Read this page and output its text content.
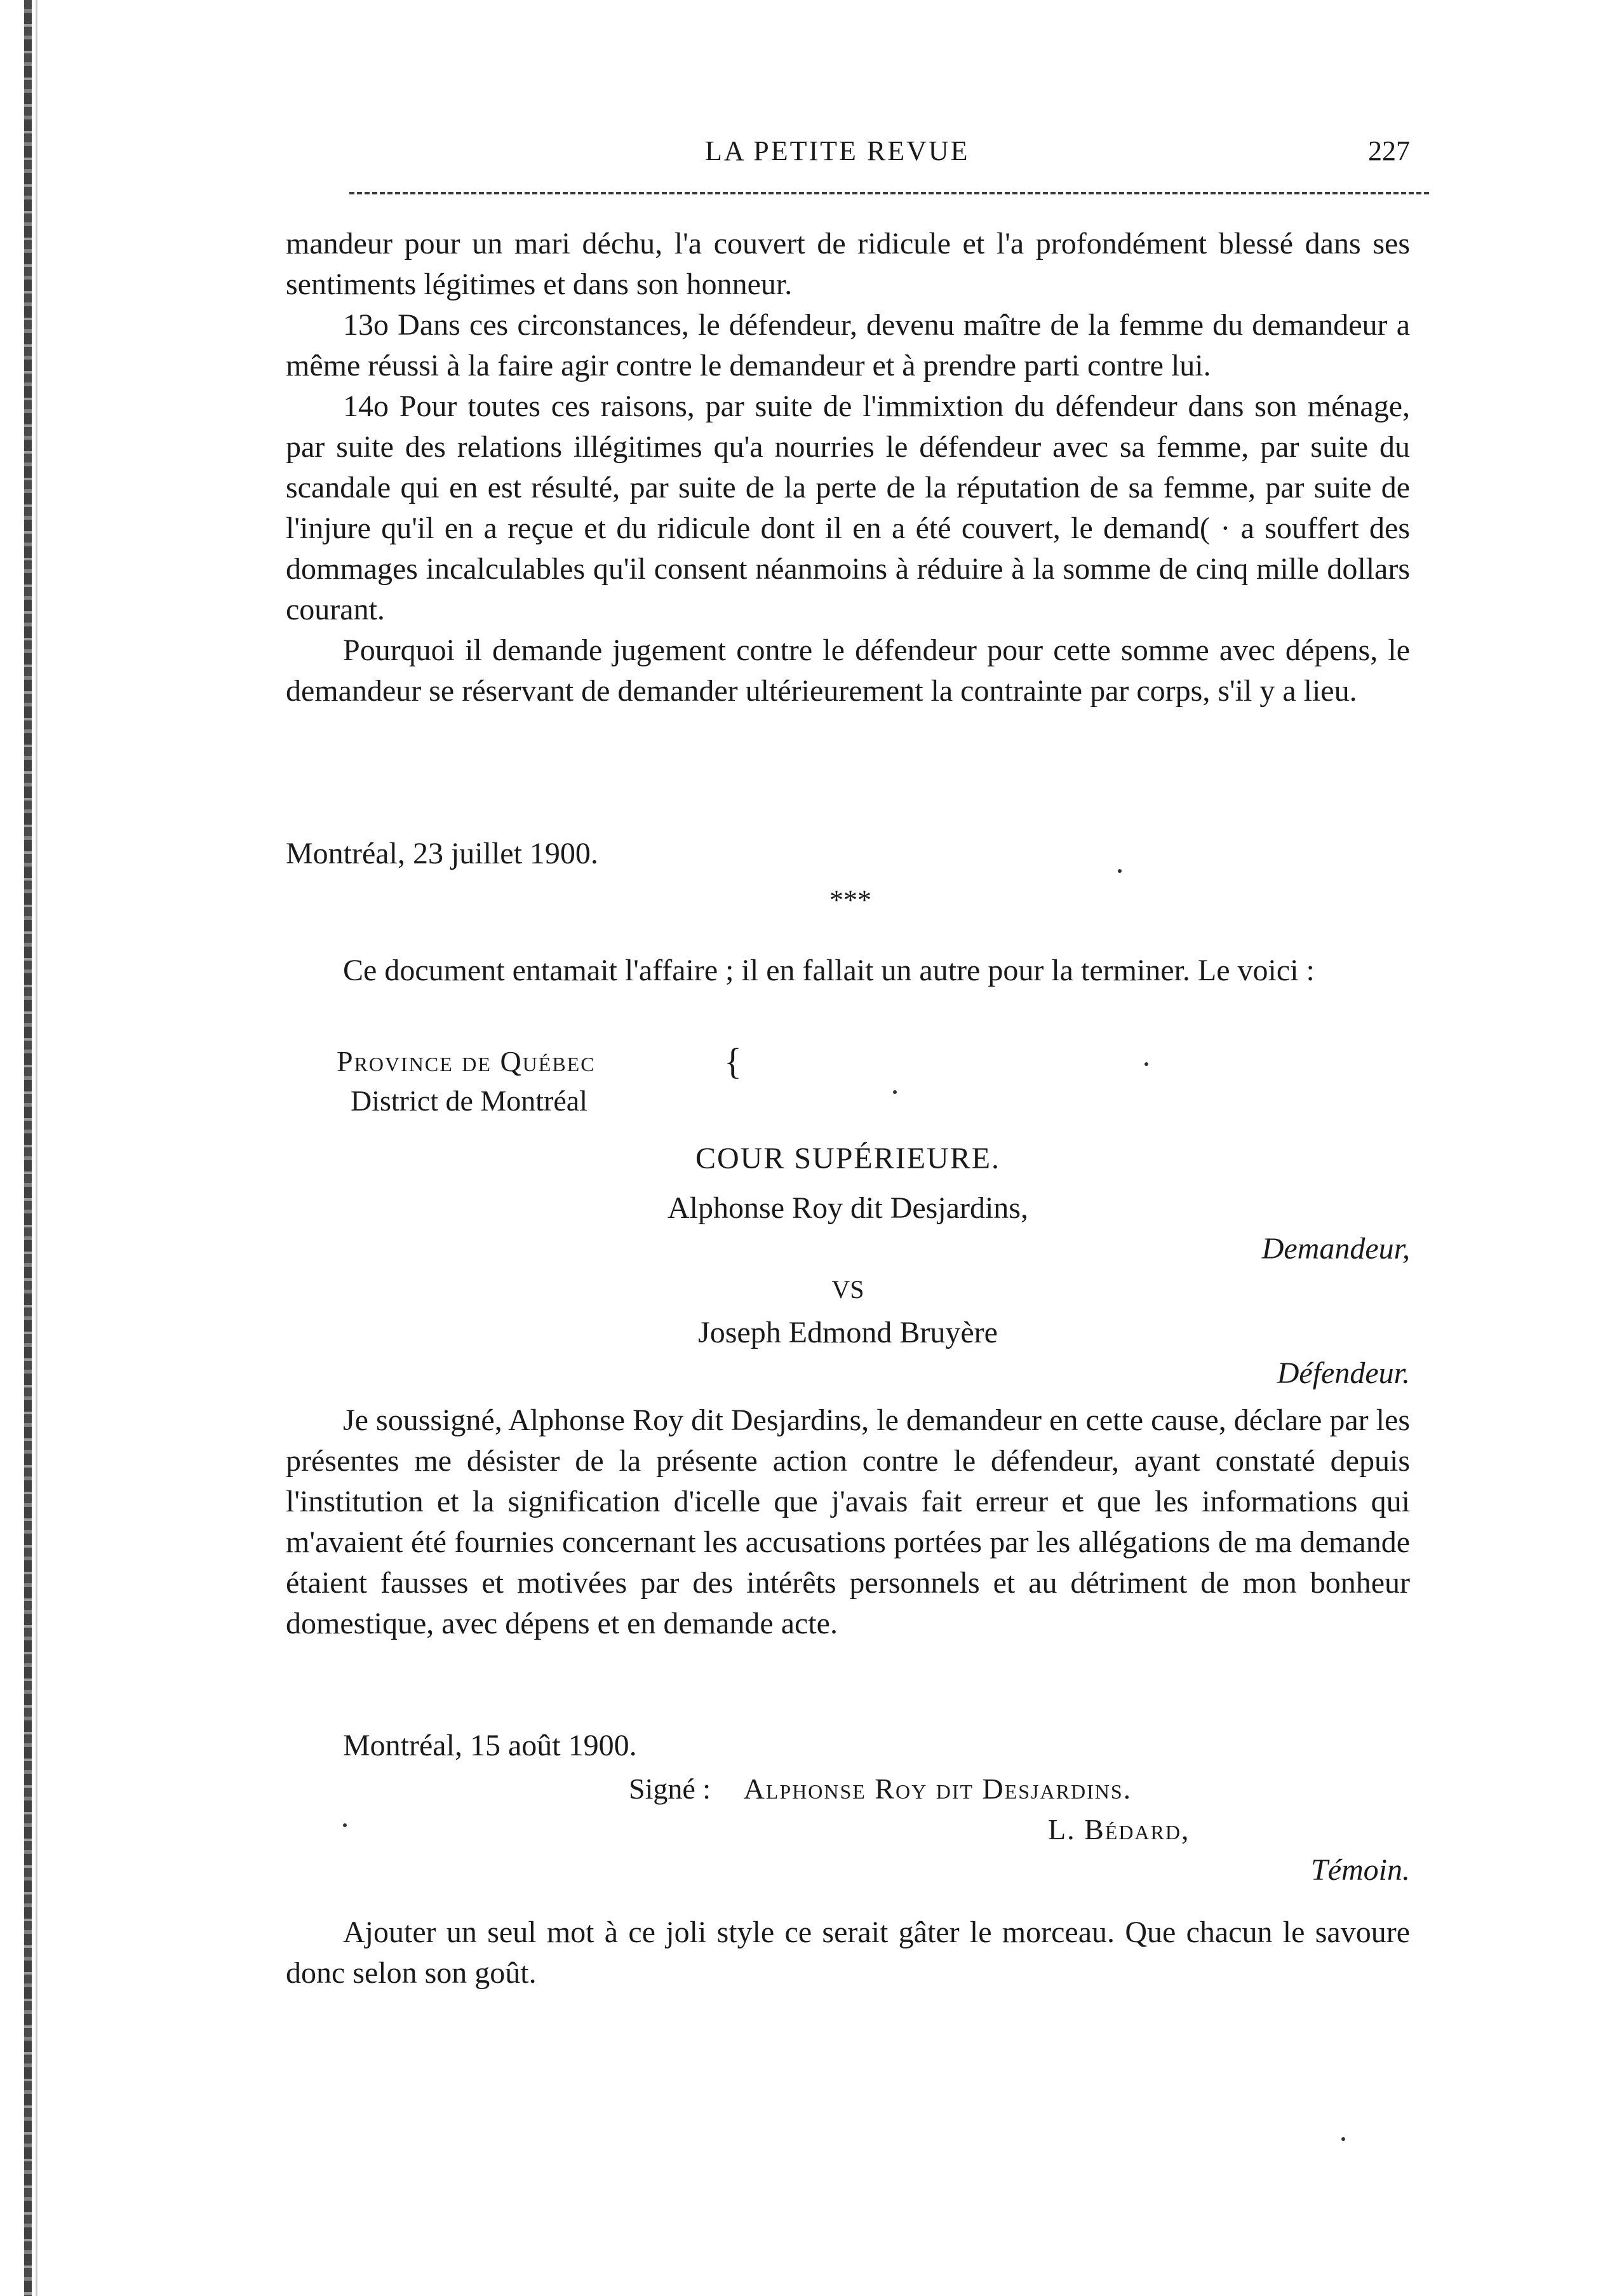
LA PETITE REVUE	227

mandeur pour un mari déchu, l'a couvert de ridicule et l'a profondément blessé dans ses sentiments légitimes et dans son honneur.

13o Dans ces circonstances, le défendeur, devenu maître de la femme du demandeur a même réussi à la faire agir contre le demandeur et à prendre parti contre lui.

14o Pour toutes ces raisons, par suite de l'immixtion du défendeur dans son ménage, par suite des relations illégitimes qu'a nourries le défendeur avec sa femme, par suite du scandale qui en est résulté, par suite de la perte de la réputation de sa femme, par suite de l'injure qu'il en a reçue et du ridicule dont il en a été couvert, le demand( · a souffert des dommages incalculables qu'il consent néanmoins à réduire à la somme de cinq mille dollars courant.

Pourquoi il demande jugement contre le défendeur pour cette somme avec dépens, le demandeur se réservant de demander ultérieurement la contrainte par corps, s'il y a lieu.

Montréal, 23 juillet 1900.
***
Ce document entamait l'affaire ; il en fallait un autre pour la terminer. Le voici :
Province de Québec
District de Montréal
{
COUR SUPÉRIEURE.
Alphonse Roy dit Desjardins,
Demandeur,
VS
Joseph Edmond Bruyère
Défendeur.
Je soussigné, Alphonse Roy dit Desjardins, le demandeur en cette cause, déclare par les présentes me désister de la présente action contre le défendeur, ayant constaté depuis l'institution et la signification d'icelle que j'avais fait erreur et que les informations qui m'avaient été fournies concernant les accusations portées par les allégations de ma demande étaient fausses et motivées par des intérêts personnels et au détriment de mon bonheur domestique, avec dépens et en demande acte.
Montréal, 15 août 1900.
Signé : Alphonse Roy dit Desjardins.
L. Bédard,
Témoin.
Ajouter un seul mot à ce joli style ce serait gâter le morceau. Que chacun le savoure donc selon son goût.
